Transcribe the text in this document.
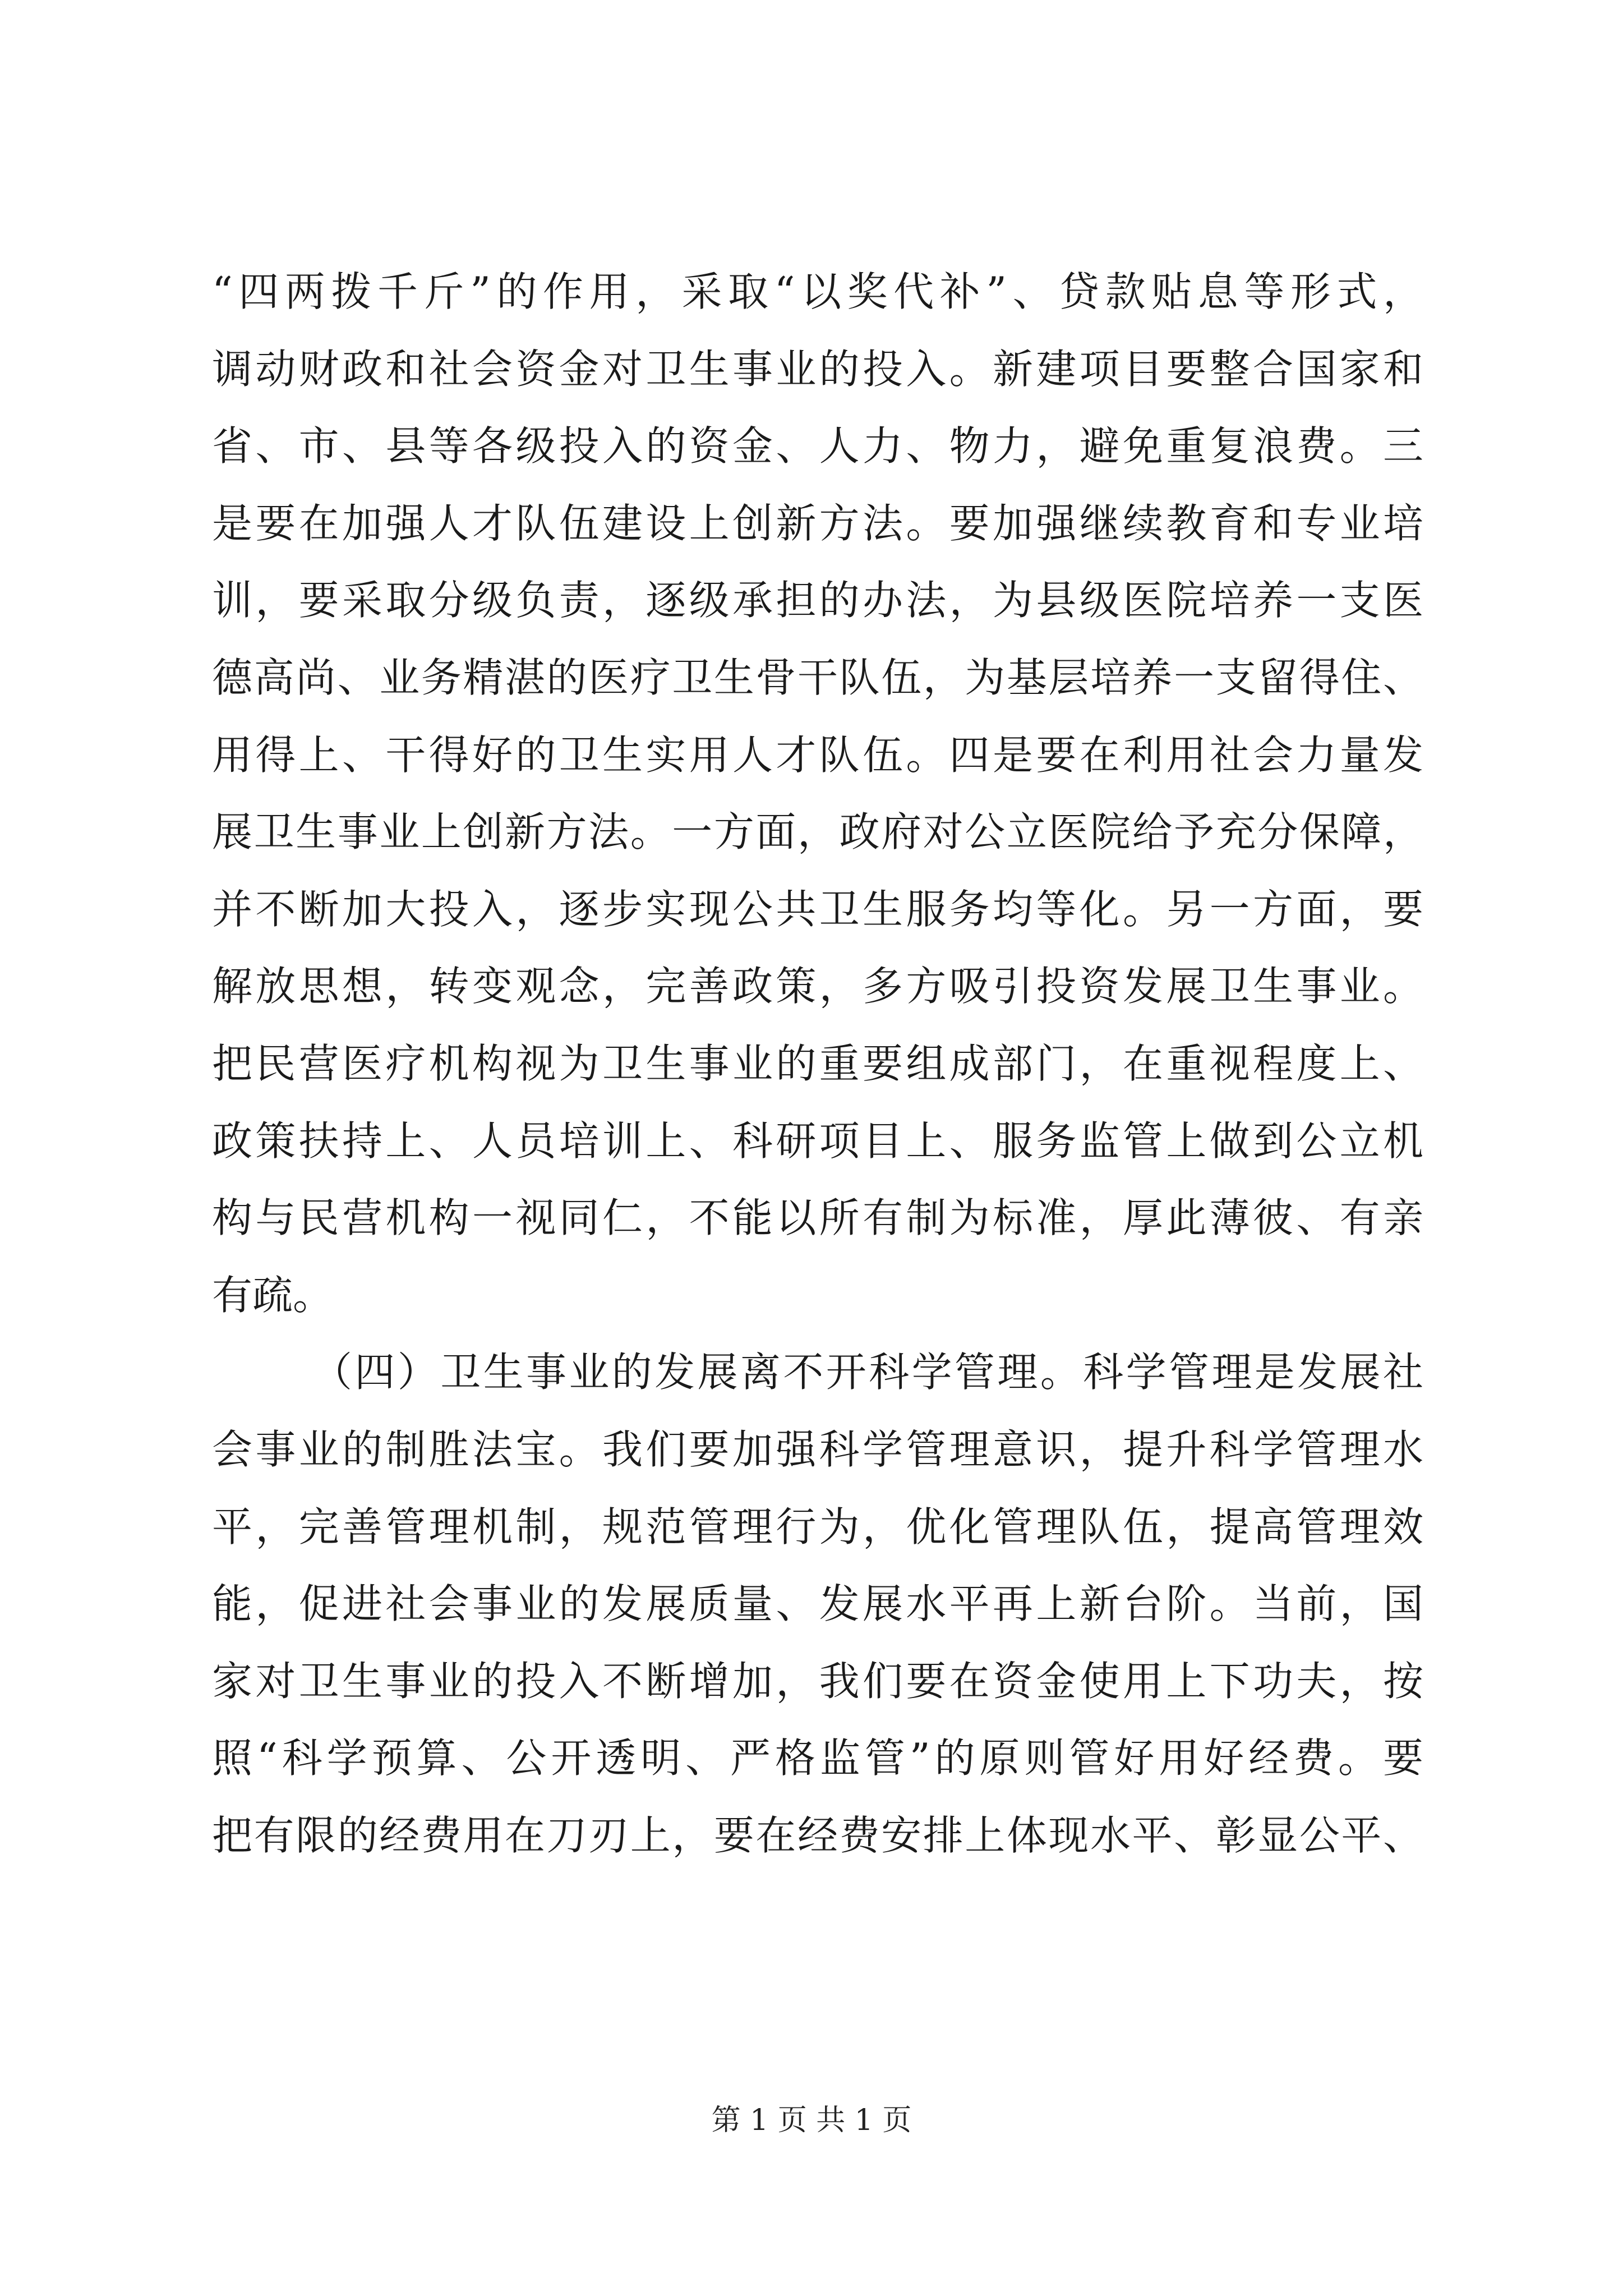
“四两拨千斤”的作用，采取“以奖代补”、贷款贴息等形式，
调动财政和社会资金对卫生事业的投入。新建项目要整合国家和
省、市、县等各级投入的资金、人力、物力，避免重复浪费。三
是要在加强人才队伍建设上创新方法。要加强继续教育和专业培
训，要采取分级负责，逐级承担的办法，为县级医院培养一支医
德高尚、业务精湛的医疗卫生骨干队伍，为基层培养一支留得住、
用得上、干得好的卫生实用人才队伍。四是要在利用社会力量发
展卫生事业上创新方法。一方面，政府对公立医院给予充分保障，
并不断加大投入，逐步实现公共卫生服务均等化。另一方面，要
解放思想，转变观念，完善政策，多方吸引投资发展卫生事业。
把民营医疗机构视为卫生事业的重要组成部门，在重视程度上、
政策扶持上、人员培训上、科研项目上、服务监管上做到公立机
构与民营机构一视同仁，不能以所有制为标准，厚此薄彼、有亲
有疏。
（四）卫生事业的发展离不开科学管理。科学管理是发展社
会事业的制胜法宝。我们要加强科学管理意识，提升科学管理水
平，完善管理机制，规范管理行为，优化管理队伍，提高管理效
能，促进社会事业的发展质量、发展水平再上新台阶。当前，国
家对卫生事业的投入不断增加，我们要在资金使用上下功夫，按
照“科学预算、公开透明、严格监管”的原则管好用好经费。要
把有限的经费用在刀刃上，要在经费安排上体现水平、彰显公平、
第 1 页 共 1 页
